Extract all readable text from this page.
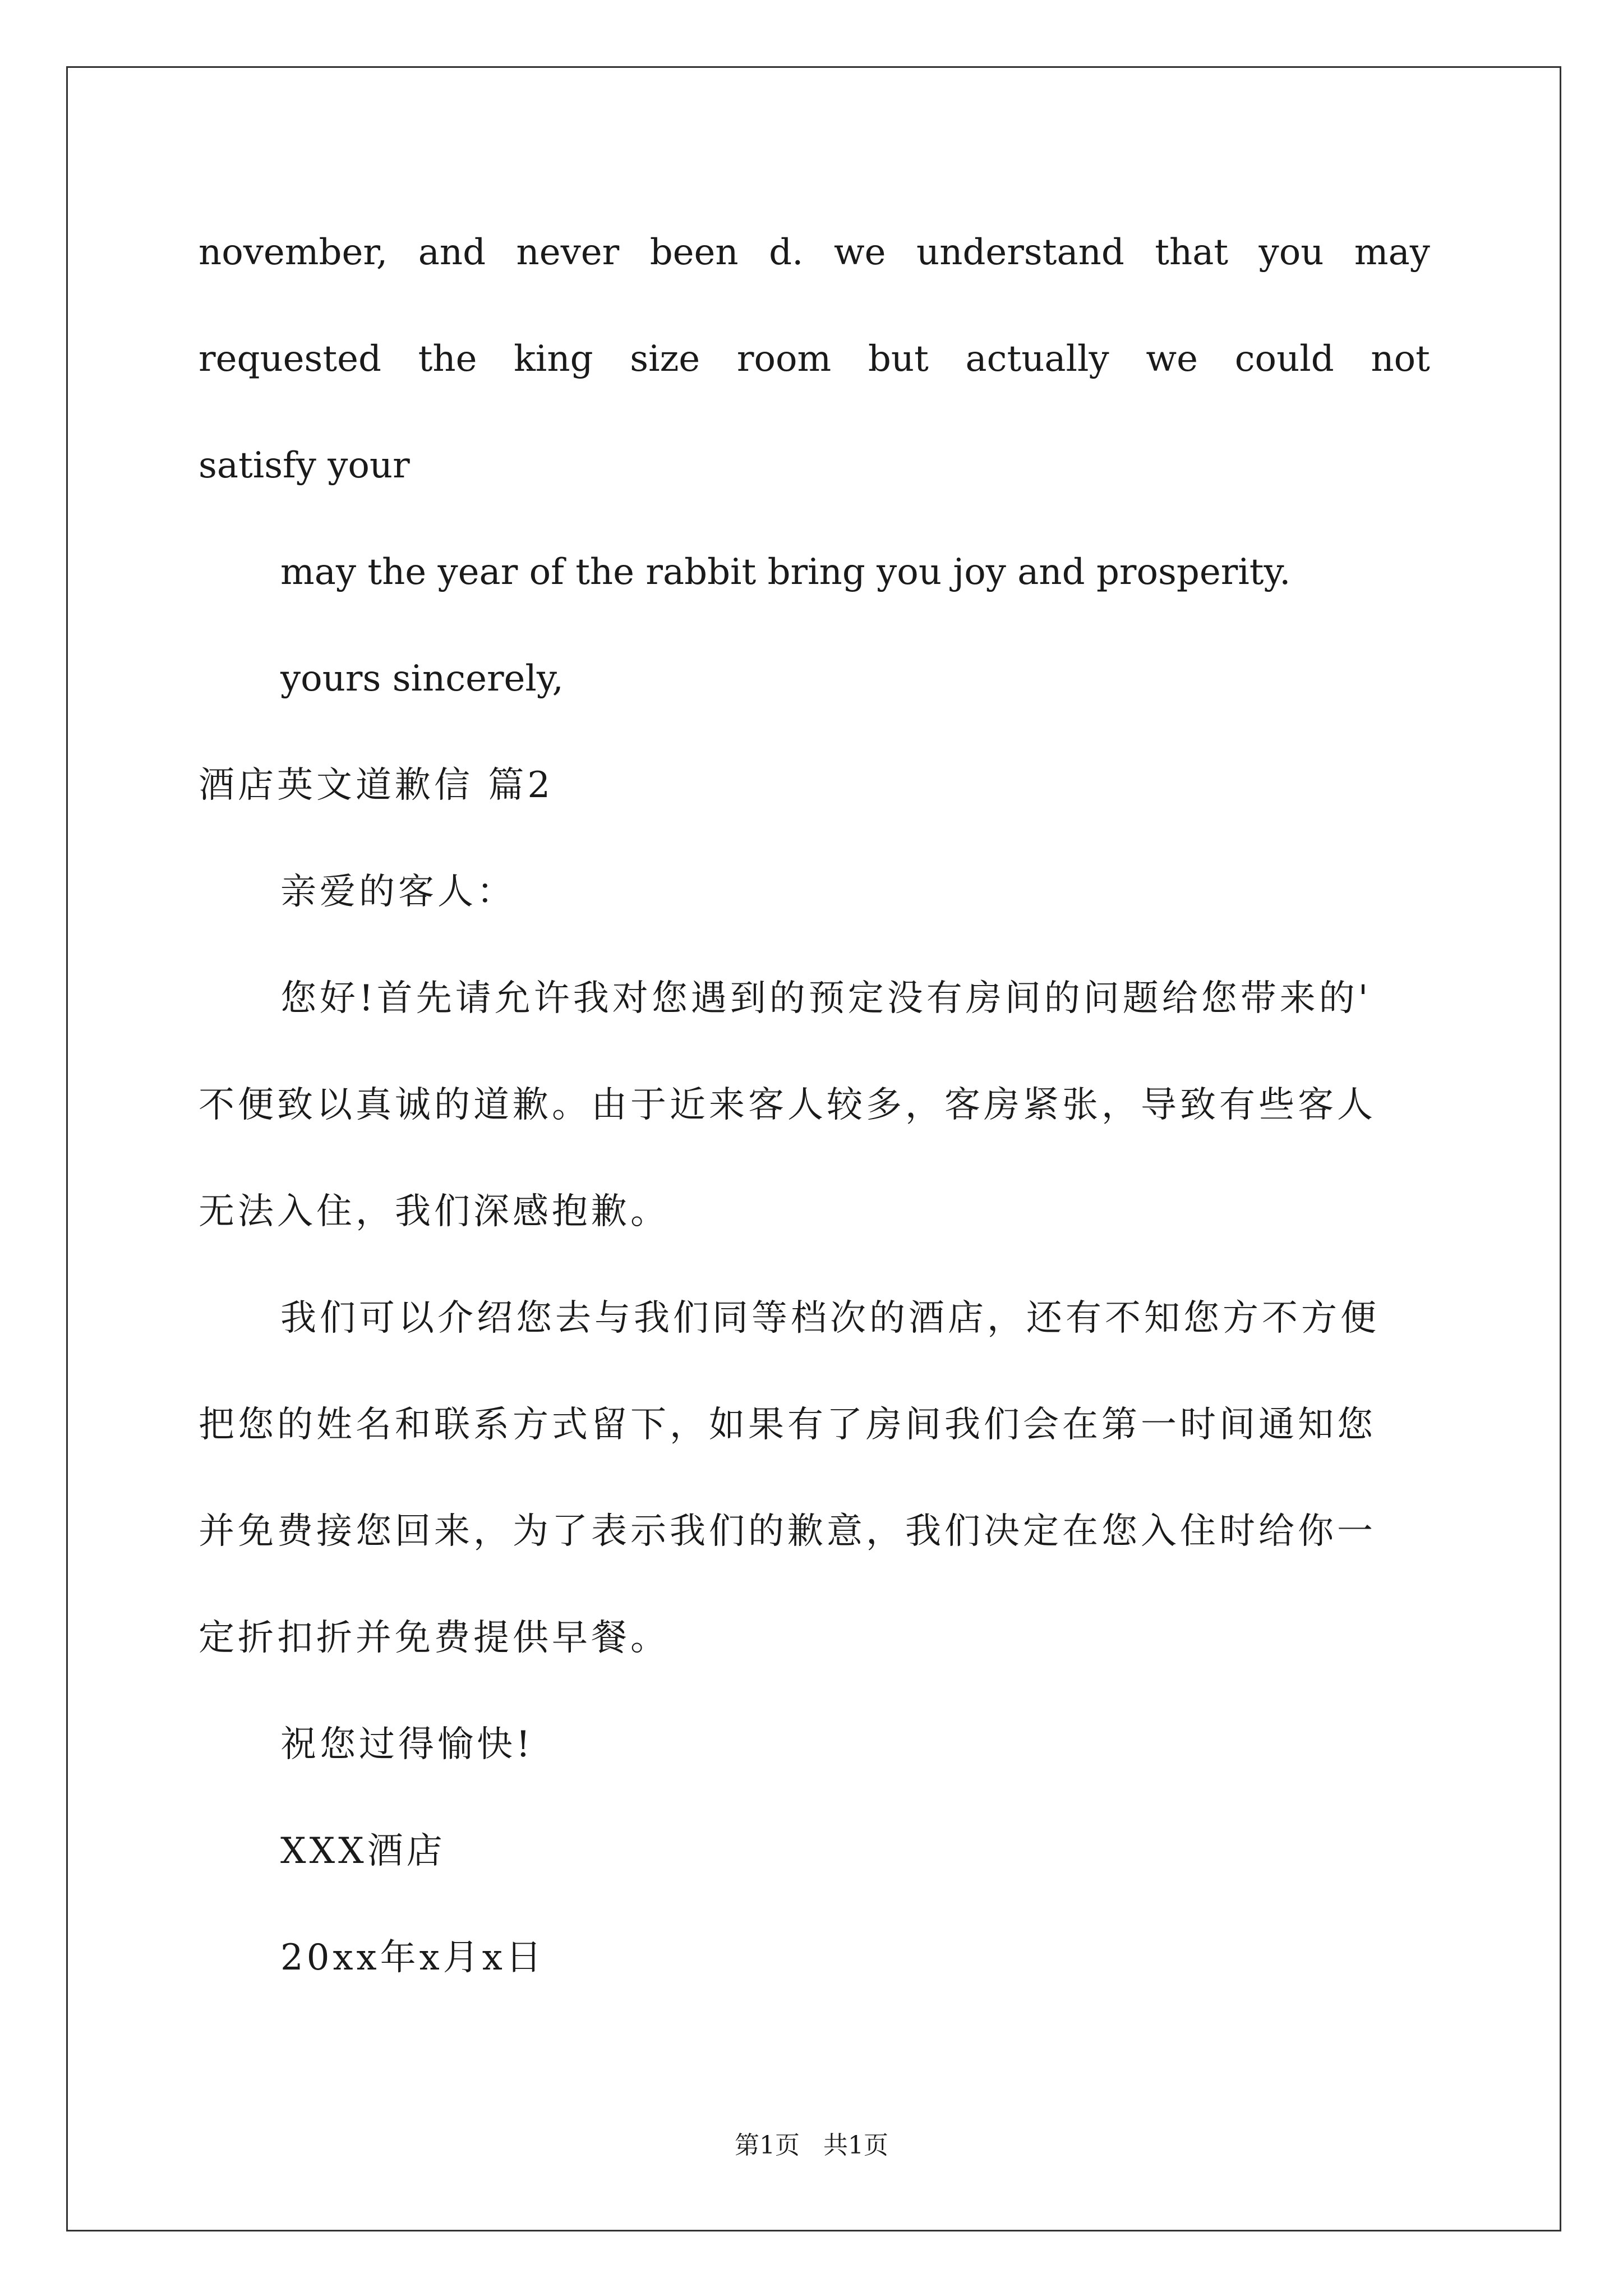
november, and never been d. we understand that you may
requested the king size room but actually we could not
satisfy your
may the year of the rabbit bring you joy and prosperity.
yours sincerely,
酒店英文道歉信 篇2
亲爱的客人：
您好!首先请允许我对您遇到的预定没有房间的问题给您带来的'
不便致以真诚的道歉。由于近来客人较多，客房紧张，导致有些客人
无法入住，我们深感抱歉。
我们可以介绍您去与我们同等档次的酒店，还有不知您方不方便
把您的姓名和联系方式留下，如果有了房间我们会在第一时间通知您
并免费接您回来，为了表示我们的歉意，我们决定在您入住时给你一
定折扣折并免费提供早餐。
祝您过得愉快!
XXX酒店
20xx年x月x日
第1页   共1页
